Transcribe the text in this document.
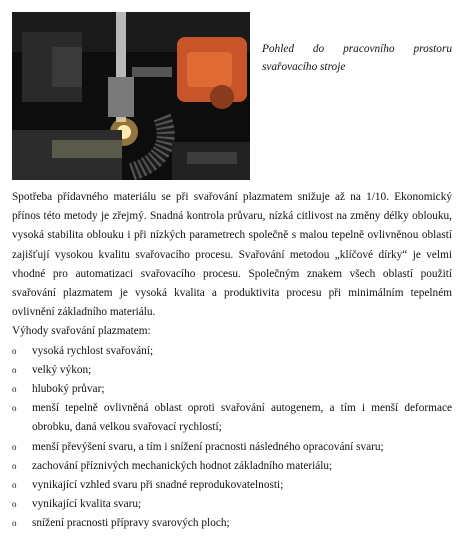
Pohled do pracovního prostoru svařovacího stroje

Spotřeba přídavného materiálu se při svařování plazmatem snižuje až na 1/10. Ekonomický přínos této metody je zřejmý. Snadná kontrola průvaru, nízká citlivost na změny délky oblouku, vysoká stabilita oblouku i při nízkých parametrech společně s malou tepelně ovlivněnou oblastí zajišťují vysokou kvalitu svařovacího procesu. Svařování metodou „klíčové dírky“ je velmi vhodné pro automatizaci svařovacího procesu. Společným znakem všech oblastí použití svařování plazmatem je vysoká kvalita a produktivita procesu při minimálním tepelném ovlivnění základního materiálu.

Výhody svařování plazmatem:

o vysoká rychlost svařování;
o velký výkon;
o hluboký průvar;
o menší tepelně ovlivněná oblast oproti svařování autogenem, a tím i menší deformace obrobku, daná velkou svařovací rychlostí;
o menší převýšení svaru, a tím i snížení pracnosti následného opracování svaru;
o zachování příznivých mechanických hodnot základního materiálu;
o vynikající vzhled svaru při snadné reprodukovatelnosti;
o vynikající kvalita svaru;
o snížení pracnosti přípravy svarových ploch;
